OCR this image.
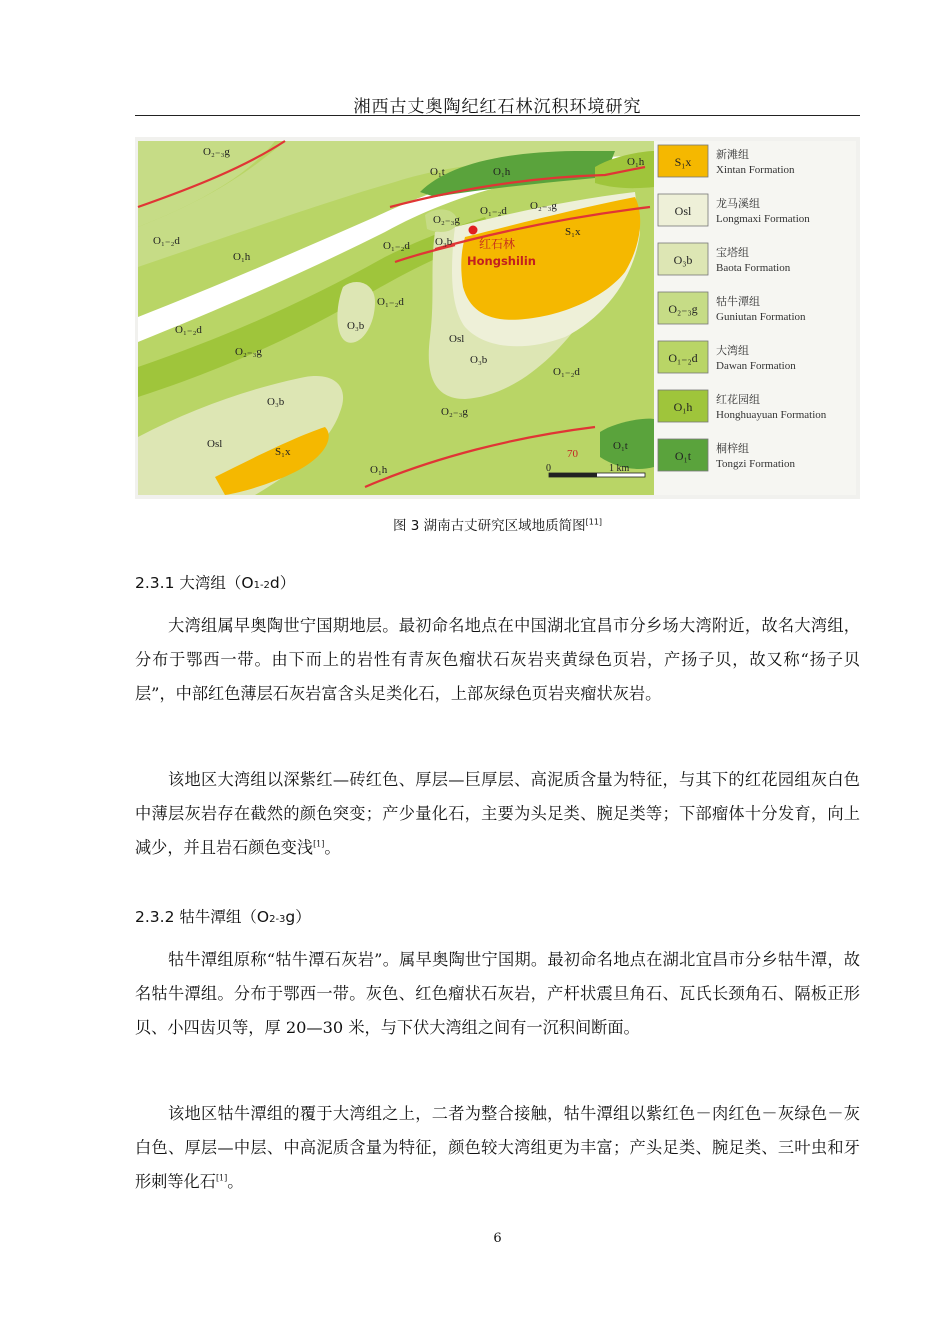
湘西古丈奥陶纪红石林沉积环境研究
O₂₋₃g
O₁t	O₁h
O₁h
O₁₋₂d
O₁h
O₂₋₃g
O₁₋₂d O₂₋₃g
O₃b
O₁₋₂d
S₁x
O₁₋₂d
O₃b
O₁₋₂d
O₂₋₃g
Osl
O₃b
O₁₋₂d
O₃b
O₂₋₃g
Osl
S₁x
O₁h
O₁t
70
0	1 km
红石林
Hongshilin
S₁x
新滩组
Xintan Formation
Osl
龙马溪组
Longmaxi Formation
O₃b
宝塔组
Baota Formation
O₂₋₃g
牯牛潭组
Guniutan Formation
O₁₋₂d
大湾组
Dawan Formation
O₁h
红花园组
Honghuayuan Formation
O₁t
桐梓组
Tongzi Formation
图 3 湖南古丈研究区域地质简图[11]
2.3.1 大湾组（O1-2d）
大湾组属早奥陶世宁国期地层。最初命名地点在中国湖北宜昌市分乡场大湾附近，故名大湾组，分布于鄂西一带。由下而上的岩性有青灰色瘤状石灰岩夹黄绿色页岩，产扬子贝，故又称“扬子贝层”，中部红色薄层石灰岩富含头足类化石，上部灰绿色页岩夹瘤状灰岩。
该地区大湾组以深紫红—砖红色、厚层—巨厚层、高泥质含量为特征，与其下的红花园组灰白色中薄层灰岩存在截然的颜色突变；产少量化石，主要为头足类、腕足类等；下部瘤体十分发育，向上减少，并且岩石颜色变浅[1]。
2.3.2 牯牛潭组（O2-3g）
牯牛潭组原称“牯牛潭石灰岩”。属早奥陶世宁国期。最初命名地点在湖北宜昌市分乡牯牛潭，故名牯牛潭组。分布于鄂西一带。灰色、红色瘤状石灰岩，产杆状震旦角石、瓦氏长颈角石、隔板正形贝、小四齿贝等，厚 20—30 米，与下伏大湾组之间有一沉积间断面。
该地区牯牛潭组的覆于大湾组之上，二者为整合接触，牯牛潭组以紫红色－肉红色－灰绿色－灰白色、厚层—中层、中高泥质含量为特征，颜色较大湾组更为丰富；产头足类、腕足类、三叶虫和牙形刺等化石[1]。
6
